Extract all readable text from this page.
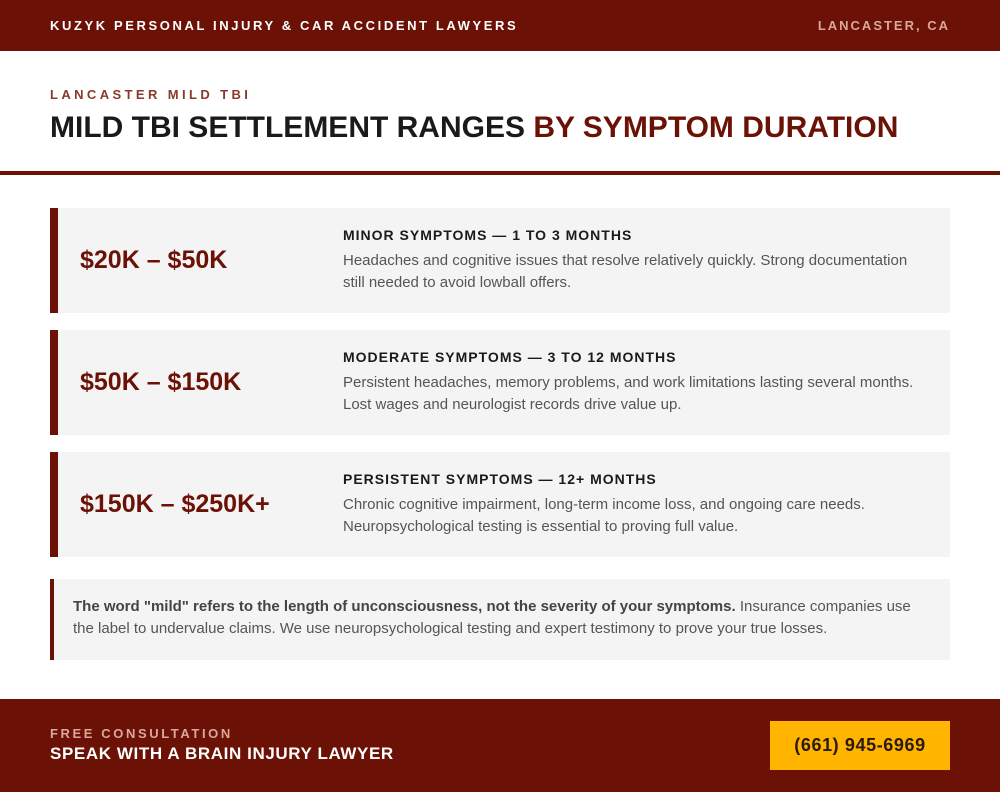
KUZYK PERSONAL INJURY & CAR ACCIDENT LAWYERS	LANCASTER, CA
LANCASTER MILD TBI
MILD TBI SETTLEMENT RANGES BY SYMPTOM DURATION
$20K – $50K
MINOR SYMPTOMS — 1 TO 3 MONTHS
Headaches and cognitive issues that resolve relatively quickly. Strong documentation still needed to avoid lowball offers.
$50K – $150K
MODERATE SYMPTOMS — 3 TO 12 MONTHS
Persistent headaches, memory problems, and work limitations lasting several months. Lost wages and neurologist records drive value up.
$150K – $250K+
PERSISTENT SYMPTOMS — 12+ MONTHS
Chronic cognitive impairment, long-term income loss, and ongoing care needs. Neuropsychological testing is essential to proving full value.
The word "mild" refers to the length of unconsciousness, not the severity of your symptoms. Insurance companies use the label to undervalue claims. We use neuropsychological testing and expert testimony to prove your true losses.
FREE CONSULTATION
SPEAK WITH A BRAIN INJURY LAWYER	(661) 945-6969
